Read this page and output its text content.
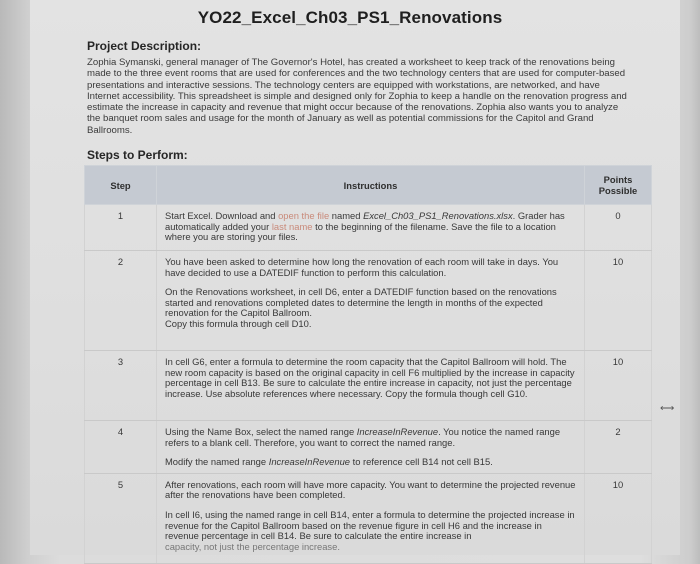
YO22_Excel_Ch03_PS1_Renovations
Project Description:
Zophia Symanski, general manager of The Governor's Hotel, has created a worksheet to keep track of the renovations being made to the three event rooms that are used for conferences and the two technology centers that are used for computer-based presentations and interactive sessions. The technology centers are equipped with workstations, are networked, and have Internet accessibility. This spreadsheet is simple and designed only for Zophia to keep a handle on the renovation progress and estimate the increase in capacity and revenue that might occur because of the renovations. Zophia also wants you to analyze the banquet room sales and usage for the month of January as well as potential commissions for the Capitol and Grand Ballrooms.
Steps to Perform:
Step	Instructions	Points Possible
1	Start Excel. Download and open the file named Excel_Ch03_PS1_Renovations.xlsx. Grader has automatically added your last name to the beginning of the filename. Save the file to a location where you are storing your files.	0
2	You have been asked to determine how long the renovation of each room will take in days. You have decided to use a DATEDIF function to perform this calculation.

On the Renovations worksheet, in cell D6, enter a DATEDIF function based on the renovations started and renovations completed dates to determine the length in months of the expected renovation for the Capitol Ballroom.

Copy this formula through cell D10.	10
3	In cell G6, enter a formula to determine the room capacity that the Capitol Ballroom will hold. The new room capacity is based on the original capacity in cell F6 multiplied by the increase in capacity percentage in cell B13. Be sure to calculate the entire increase in capacity, not just the percentage increase. Use absolute references where necessary. Copy the formula though cell G10.	10
4	Using the Name Box, select the named range IncreaseInRevenue. You notice the named range refers to a blank cell. Therefore, you want to correct the named range.

Modify the named range IncreaseInRevenue to reference cell B14 not cell B15.	2
5	After renovations, each room will have more capacity. You want to determine the projected revenue after the renovations have been completed.

In cell I6, using the named range in cell B14, enter a formula to determine the projected increase in revenue for the Capitol Ballroom based on the revenue figure in cell H6 and the increase in revenue percentage in cell B14. Be sure to calculate the entire increase in

capacity, not just the percentage increase.	10
⟷
